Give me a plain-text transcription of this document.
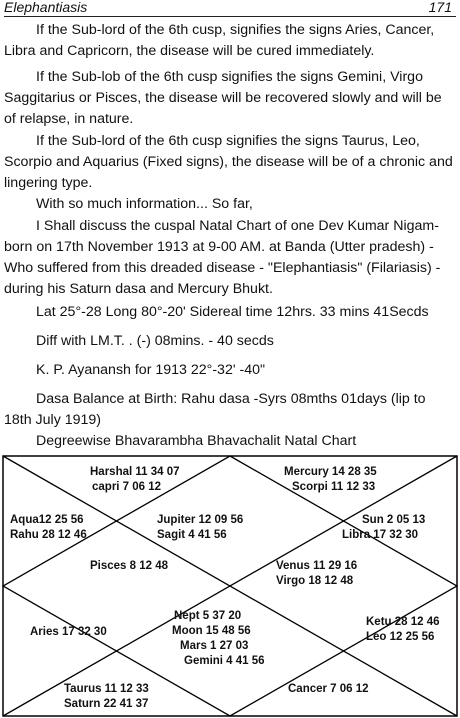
Elephantiasis	171

If the Sub-lord of the 6th cusp, signifies the signs Aries, Cancer, Libra and Capricorn, the disease will be cured immediately.

If the Sub-lob of the 6th cusp signifies the signs Gemini, Virgo Saggitarius or Pisces, the disease will be recovered slowly and will be of relapse, in nature.

If the Sub-lord of the 6th cusp signifies the signs Taurus, Leo, Scorpio and Aquarius (Fixed signs), the disease will be of a chronic and lingering type.

With so much information... So far,

I Shall discuss the cuspal Natal Chart of one Dev Kumar Nigam- born on 17th November 1913 at 9-00 AM. at Banda (Utter pradesh) - Who suffered from this dreaded disease - "Elephantiasis" (Filariasis) - during his Saturn dasa and Mercury Bhukt.

Lat 25°-28 Long 80°-20' Sidereal time 12hrs. 33 mins 41Secds

Diff with LM.T. . (-) 08mins. - 40 secds

K. P. Ayanansh for 1913 22°-32' -40"

Dasa Balance at Birth: Rahu dasa -Syrs 08mths 01days (lip to 18th July 1919)

Degreewise Bhavarambha Bhavachalit Natal Chart

Harshal 11 34 07
capri 7 06 12
Mercury 14 28 35
Scorpi 11 12 33
Aqua12 25 56
Rahu 28 12 46
Jupiter 12 09 56
Sagit 4 41 56
Sun 2 05 13
Libra 17 32 30
Pisces 8 12 48	Venus 11 29 16
Virgo 18 12 48
Aries 17 32 30
Nept 5 37 20
Moon 15 48 56
Mars 1 27 03
Gemini 4 41 56
Ketu 28 12 46
Leo 12 25 56
Taurus 11 12 33
Saturn 22 41 37
Cancer 7 06 12
